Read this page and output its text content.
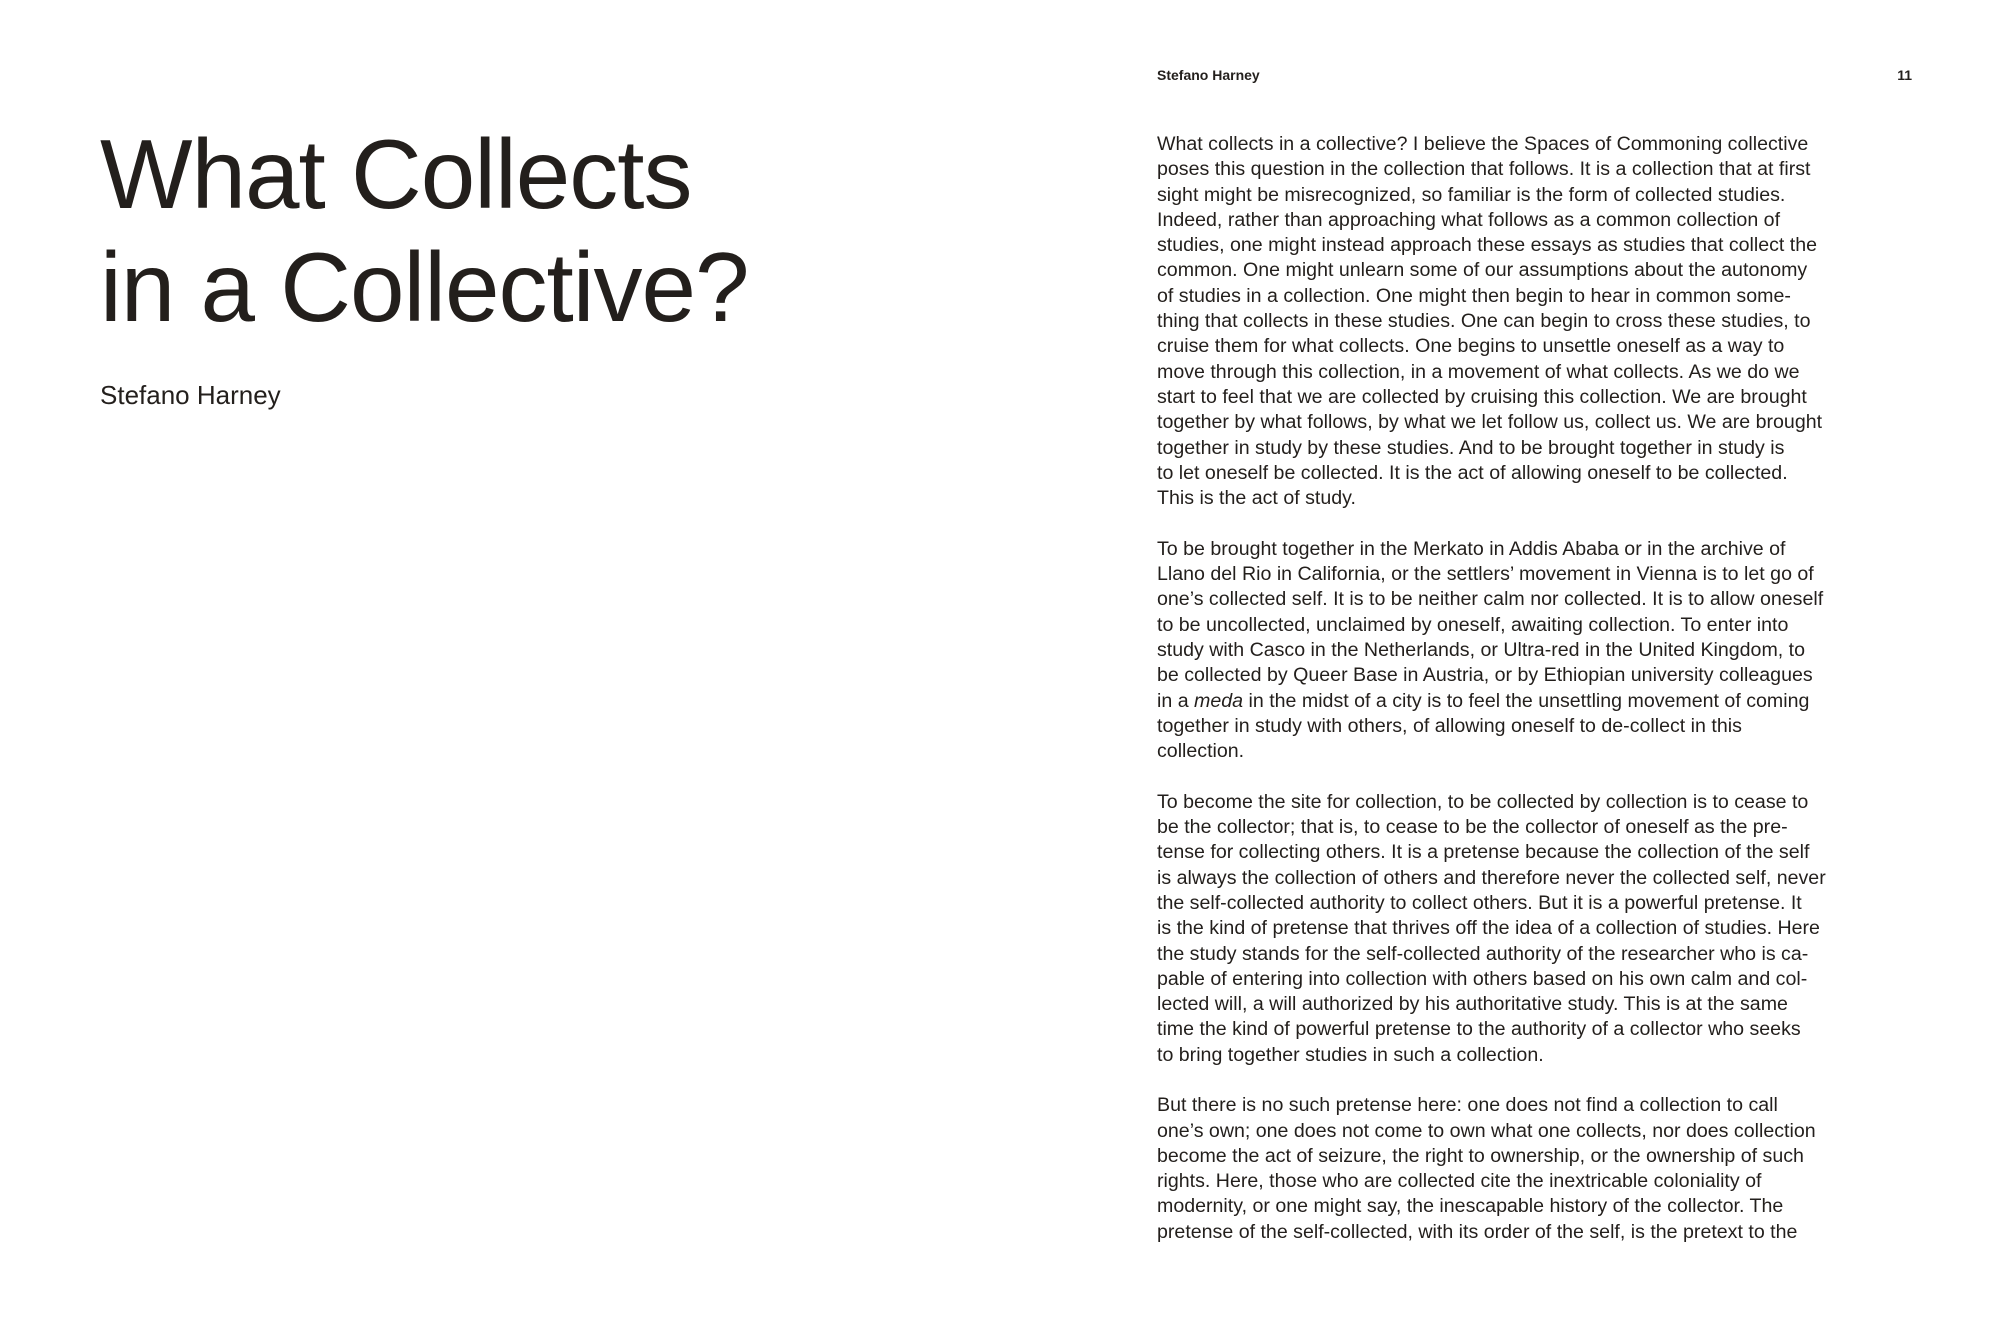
What Collects
in a Collective?
Stefano Harney
Stefano Harney	11

What collects in a collective? I believe the Spaces of Commoning collective
poses this question in the collection that follows. It is a collection that at first
sight might be misrecognized, so familiar is the form of collected studies.
Indeed, rather than approaching what follows as a common collection of
studies, one might instead approach these essays as studies that collect the
common. One might unlearn some of our assumptions about the autonomy
of studies in a collection. One might then begin to hear in common some-
thing that collects in these studies. One can begin to cross these studies, to
cruise them for what collects. One begins to unsettle oneself as a way to
move through this collection, in a movement of what collects. As we do we
start to feel that we are collected by cruising this collection. We are brought
together by what follows, by what we let follow us, collect us. We are brought
together in study by these studies. And to be brought together in study is
to let oneself be collected. It is the act of allowing oneself to be collected.
This is the act of study.

To be brought together in the Merkato in Addis Ababa or in the archive of
Llano del Rio in California, or the settlers’ movement in Vienna is to let go of
one’s collected self. It is to be neither calm nor collected. It is to allow oneself
to be uncollected, unclaimed by oneself, awaiting collection. To enter into
study with Casco in the Netherlands, or Ultra-red in the United Kingdom, to
be collected by Queer Base in Austria, or by Ethiopian university colleagues
in a meda in the midst of a city is to feel the unsettling movement of coming
together in study with others, of allowing oneself to de-collect in this
collection.

To become the site for collection, to be collected by collection is to cease to
be the collector; that is, to cease to be the collector of oneself as the pre-
tense for collecting others. It is a pretense because the collection of the self
is always the collection of others and therefore never the collected self, never
the self-collected authority to collect others. But it is a powerful pretense. It
is the kind of pretense that thrives off the idea of a collection of studies. Here
the study stands for the self-collected authority of the researcher who is ca-
pable of entering into collection with others based on his own calm and col-
lected will, a will authorized by his authoritative study. This is at the same
time the kind of powerful pretense to the authority of a collector who seeks
to bring together studies in such a collection.

But there is no such pretense here: one does not find a collection to call
one’s own; one does not come to own what one collects, nor does collection
become the act of seizure, the right to ownership, or the ownership of such
rights. Here, those who are collected cite the inextricable coloniality of
modernity, or one might say, the inescapable history of the collector. The
pretense of the self-collected, with its order of the self, is the pretext to the
